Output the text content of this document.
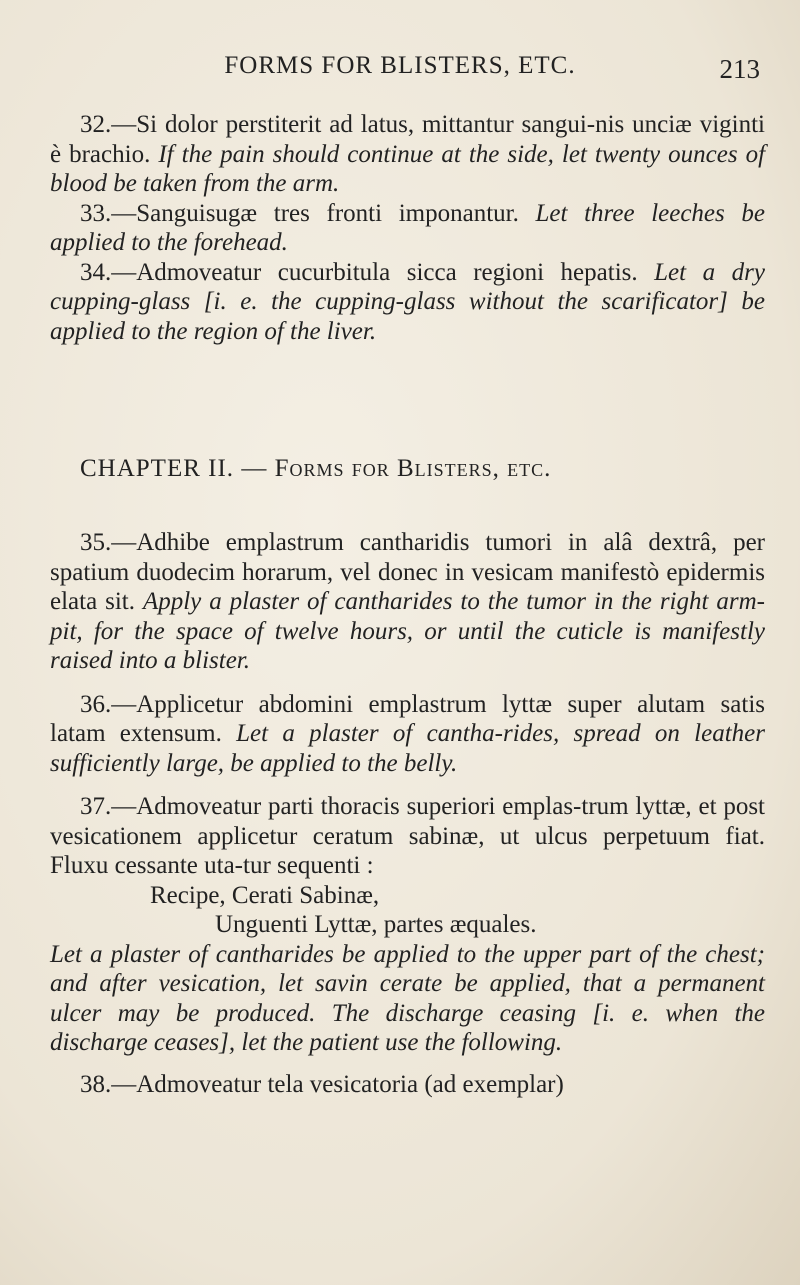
FORMS FOR BLISTERS, ETC.	213

32.—Si dolor perstiterit ad latus, mittantur sangui-nis unciæ viginti è brachio. If the pain should continue at the side, let twenty ounces of blood be taken from the arm.

33.—Sanguisugæ tres fronti imponantur. Let three leeches be applied to the forehead.

34.—Admoveatur cucurbitula sicca regioni hepatis. Let a dry cupping-glass [i. e. the cupping-glass without the scarificator] be applied to the region of the liver.

CHAPTER II. — Forms for Blisters, etc.

35.—Adhibe emplastrum cantharidis tumori in alâ dextrâ, per spatium duodecim horarum, vel donec in vesicam manifestò epidermis elata sit. Apply a plaster of cantharides to the tumor in the right arm-pit, for the space of twelve hours, or until the cuticle is manifestly raised into a blister.

36.—Applicetur abdomini emplastrum lyttæ super alutam satis latam extensum. Let a plaster of cantha-rides, spread on leather sufficiently large, be applied to the belly.

37.—Admoveatur parti thoracis superiori emplas-trum lyttæ, et post vesicationem applicetur ceratum sabinæ, ut ulcus perpetuum fiat. Fluxu cessante uta-tur sequenti :

Recipe, Cerati Sabinæ,

Unguenti Lyttæ, partes æquales.

Let a plaster of cantharides be applied to the upper part of the chest; and after vesication, let savin cerate be applied, that a permanent ulcer may be produced. The discharge ceasing [i. e. when the discharge ceases], let the patient use the following.

38.—Admoveatur tela vesicatoria (ad exemplar)
